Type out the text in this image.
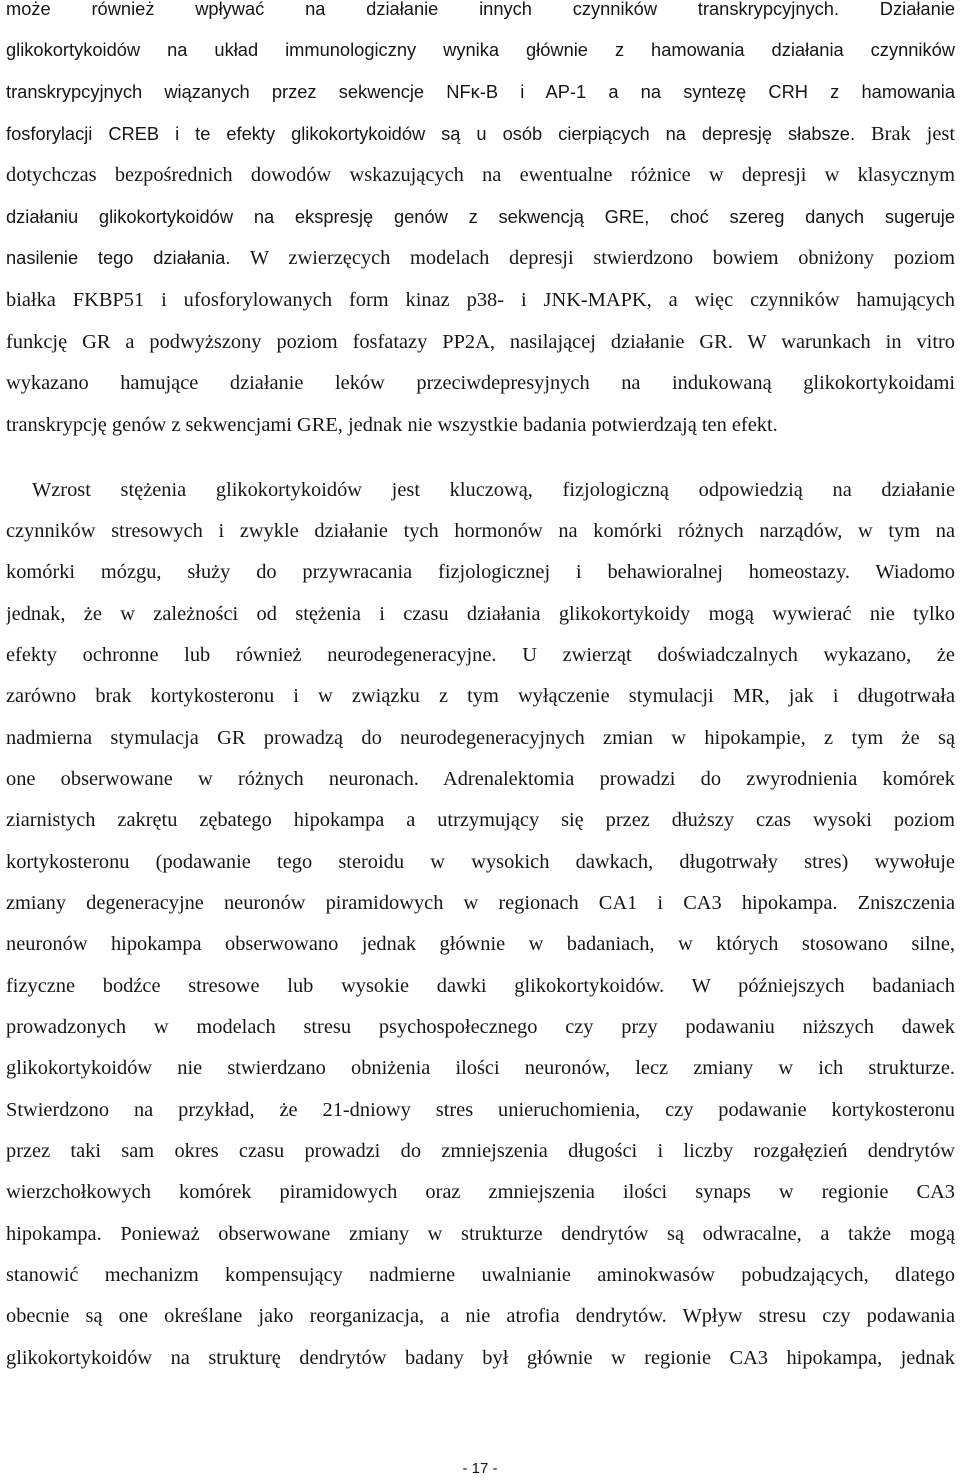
może również wpływać na działanie innych czynników transkrypcyjnych. Działanie
glikokortykoidów na układ immunologiczny wynika głównie z hamowania działania czynników
transkrypcyjnych wiązanych przez sekwencje NFκ-B i AP-1 a na syntezę CRH z hamowania
fosforylacji CREB i te efekty glikokortykoidów są u osób cierpiących na depresję słabsze. Brak jest
dotychczas bezpośrednich dowodów wskazujących na ewentualne różnice w depresji w klasycznym
działaniu glikokortykoidów na ekspresję genów z sekwencją GRE, choć szereg danych sugeruje
nasilenie tego działania. W zwierzęcych modelach depresji stwierdzono bowiem obniżony poziom
białka FKBP51 i ufosforylowanych form kinaz p38- i JNK-MAPK, a więc czynników hamujących
funkcję GR a podwyższony poziom fosfatazy PP2A, nasilającej działanie GR. W warunkach in vitro
wykazano hamujące działanie leków przeciwdepresyjnych na indukowaną glikokortykoidami
transkrypcję genów z sekwencjami GRE, jednak nie wszystkie badania potwierdzają ten efekt.
Wzrost stężenia glikokortykoidów jest kluczową, fizjologiczną odpowiedzią na działanie
czynników stresowych i zwykle działanie tych hormonów na komórki różnych narządów, w tym na
komórki mózgu, służy do przywracania fizjologicznej i behawioralnej homeostazy. Wiadomo
jednak, że w zależności od stężenia i czasu działania glikokortykoidy mogą wywierać nie tylko
efekty ochronne lub również neurodegeneracyjne. U zwierząt doświadczalnych wykazano, że
zarówno brak kortykosteronu i w związku z tym wyłączenie stymulacji MR, jak i długotrwała
nadmierna stymulacja GR prowadzą do neurodegeneracyjnych zmian w hipokampie, z tym że są
one obserwowane w różnych neuronach. Adrenalektomia prowadzi do zwyrodnienia komórek
ziarnistych zakrętu zębatego hipokampa a utrzymujący się przez dłuższy czas wysoki poziom
kortykosteronu (podawanie tego steroidu w wysokich dawkach, długotrwały stres) wywołuje
zmiany degeneracyjne neuronów piramidowych w regionach CA1 i CA3 hipokampa. Zniszczenia
neuronów hipokampa obserwowano jednak głównie w badaniach, w których stosowano silne,
fizyczne bodźce stresowe lub wysokie dawki glikokortykoidów. W późniejszych badaniach
prowadzonych w modelach stresu psychospołecznego czy przy podawaniu niższych dawek
glikokortykoidów nie stwierdzano obniżenia ilości neuronów, lecz zmiany w ich strukturze.
Stwierdzono na przykład, że 21-dniowy stres unieruchomienia, czy podawanie kortykosteronu
przez taki sam okres czasu prowadzi do zmniejszenia długości i liczby rozgałęzień dendrytów
wierzchołkowych komórek piramidowych oraz zmniejszenia ilości synaps w regionie CA3
hipokampa. Ponieważ obserwowane zmiany w strukturze dendrytów są odwracalne, a także mogą
stanowić mechanizm kompensujący nadmierne uwalnianie aminokwasów pobudzających, dlatego
obecnie są one określane jako reorganizacja, a nie atrofia dendrytów. Wpływ stresu czy podawania
glikokortykoidów na strukturę dendrytów badany był głównie w regionie CA3 hipokampa, jednak
- 17 -
